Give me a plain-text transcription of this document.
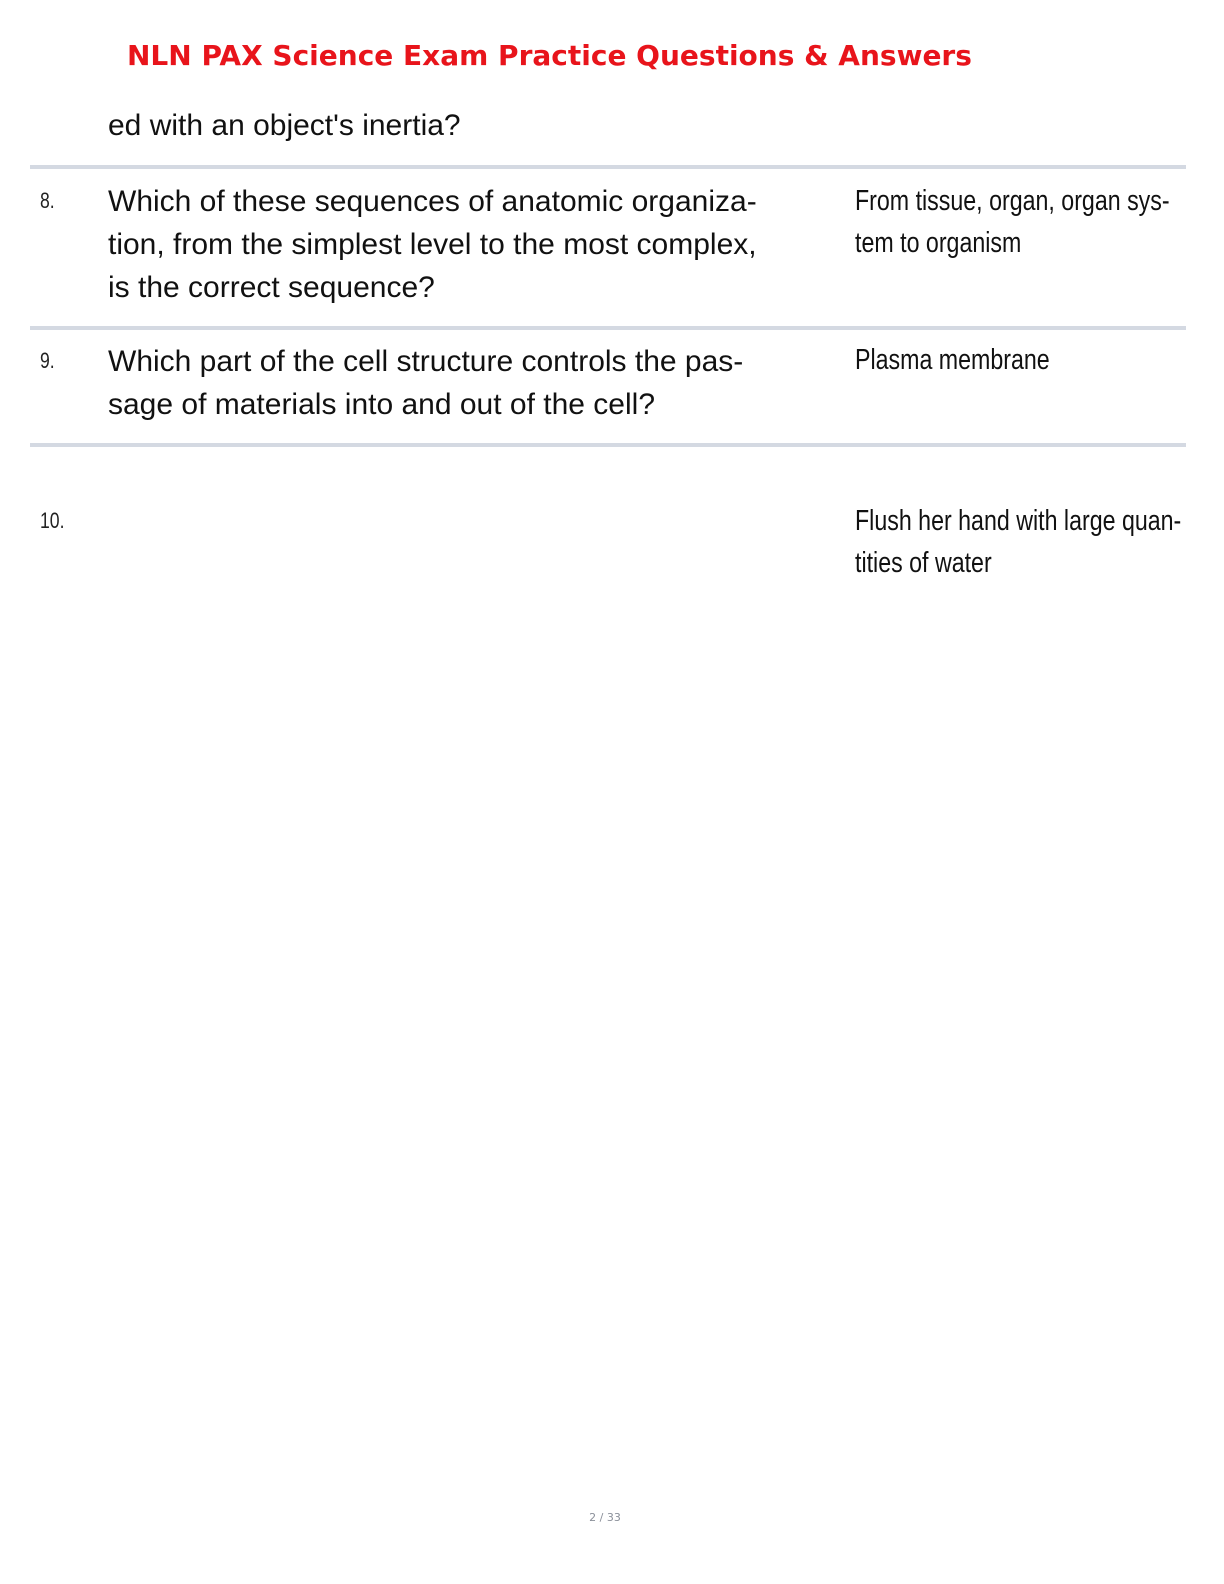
NLN PAX Science Exam Practice Questions & Answers
ed with an object's inertia?
8. Which of these sequences of anatomic organiza-
tion, from the simplest level to the most complex,
is the correct sequence?
From tissue, organ, organ sys-
tem to organism
9. Which part of the cell structure controls the pas-
sage of materials into and out of the cell?
Plasma membrane
10.	Flush her hand with large quan-
tities of water
2 / 33
